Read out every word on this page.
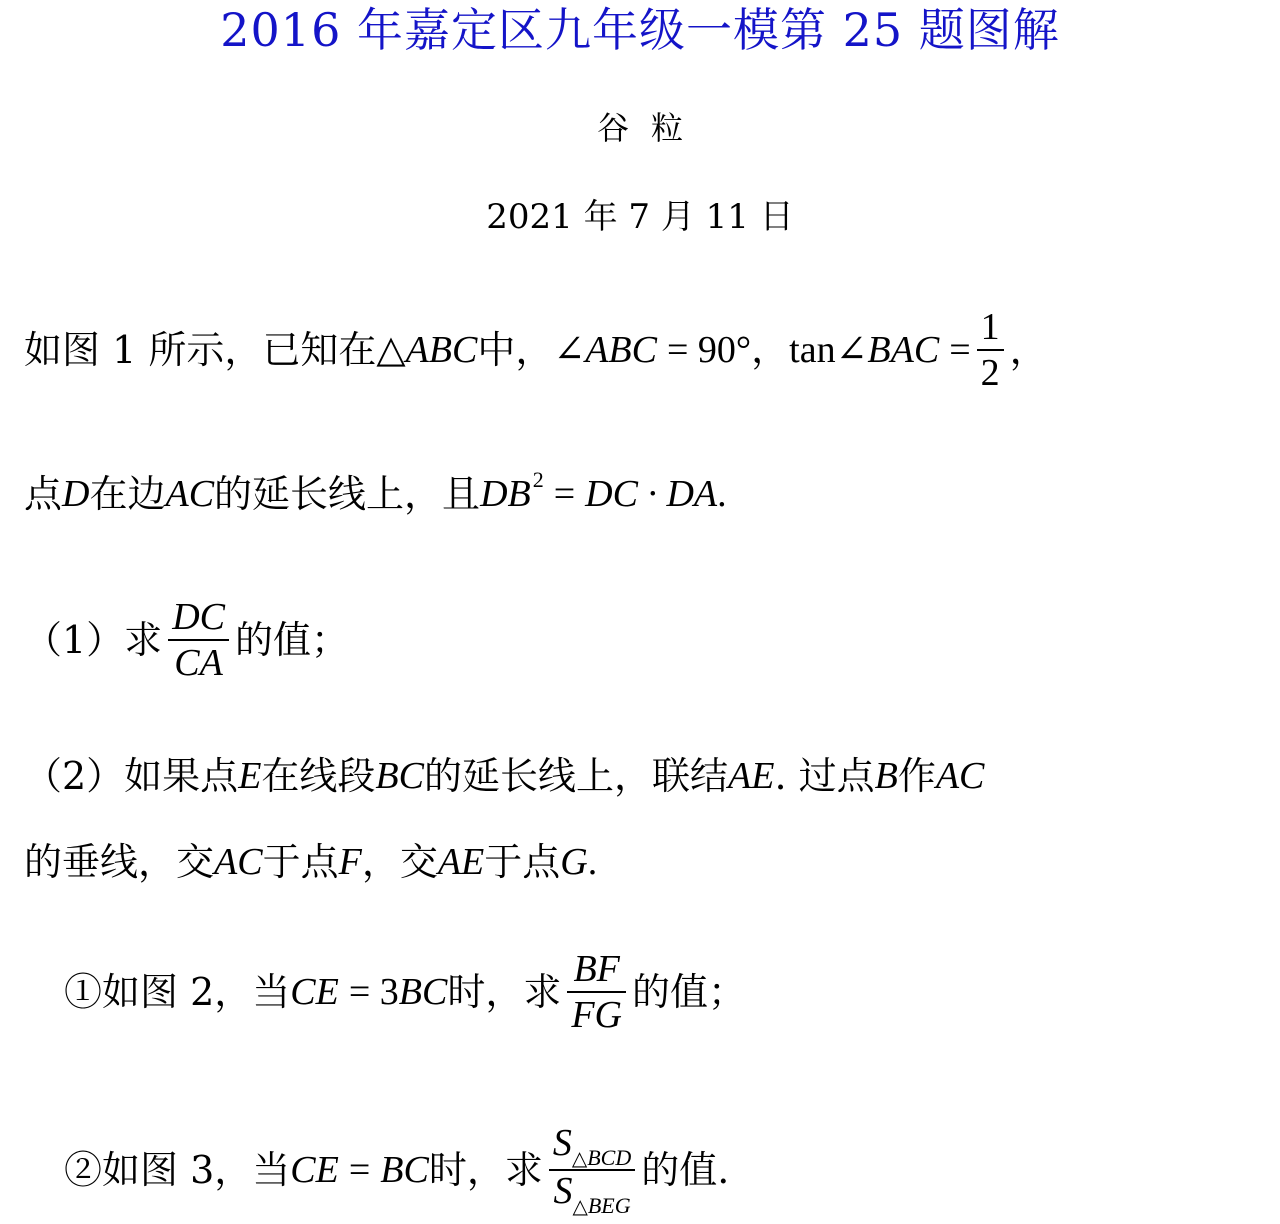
2016 年嘉定区九年级一模第 25 题图解
谷粒
2021 年 7 月 11 日
如图 1 所示，已知在 △ ABC 中， ∠ ABC = 90° ，tan ∠ BAC = $\frac{1}{2}$ ，
点 D 在边 AC 的延长线上，且 DB 2 = DC · DA .
（1）求 $\frac{DC}{CA}$ 的值；
（2）如果点 E 在线段 BC 的延长线上，联结 AE . 过点 B 作 AC
的垂线，交 AC 于点 F ，交 AE 于点 G .
①如图 2，当 CE = 3 BC 时，求 $\frac{BF}{FG}$ 的值；
②如图 3，当 CE = BC 时，求 $\frac{S_{\triangle BCD}}{S_{\triangle BEG}}$ 的值.
